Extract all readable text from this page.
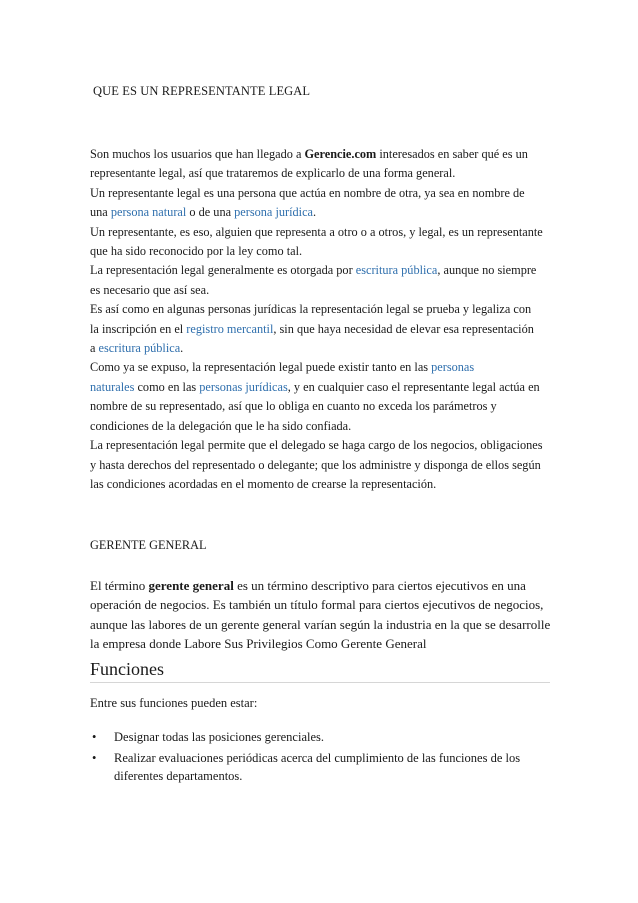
QUE ES UN REPRESENTANTE LEGAL

Son muchos los usuarios que han llegado a Gerencie.com interesados en saber qué es un

representante legal, así que trataremos de explicarlo de una forma general.

Un representante legal es una persona que actúa en nombre de otra, ya sea en nombre de

una persona natural o de una persona jurídica.

Un representante, es eso, alguien que representa a otro o a otros, y legal, es un representante

que ha sido reconocido por la ley como tal.

La representación legal generalmente es otorgada por escritura pública, aunque no siempre

es necesario que así sea.

Es así como en algunas personas jurídicas la representación legal se prueba y legaliza con

la inscripción en el registro mercantil, sin que haya necesidad de elevar esa representación

a escritura pública.

Como ya se expuso, la representación legal puede existir tanto en las personas

naturales como en las personas jurídicas, y en cualquier caso el representante legal actúa en

nombre de su representado, así que lo obliga en cuanto no exceda los parámetros y

condiciones de la delegación que le ha sido confiada.

La representación legal permite que el delegado se haga cargo de los negocios, obligaciones

y hasta derechos del representado o delegante; que los administre y disponga de ellos según

las condiciones acordadas en el momento de crearse la representación.

GERENTE GENERAL

El término gerente general es un término descriptivo para ciertos ejecutivos en una

operación de negocios. Es también un título formal para ciertos ejecutivos de negocios,

aunque las labores de un gerente general varían según la industria en la que se desarrolle

la empresa donde Labore Sus Privilegios Como Gerente General

Funciones
Entre sus funciones pueden estar:
• Designar todas las posiciones gerenciales.
• Realizar evaluaciones periódicas acerca del cumplimiento de las funciones de los
diferentes departamentos.
